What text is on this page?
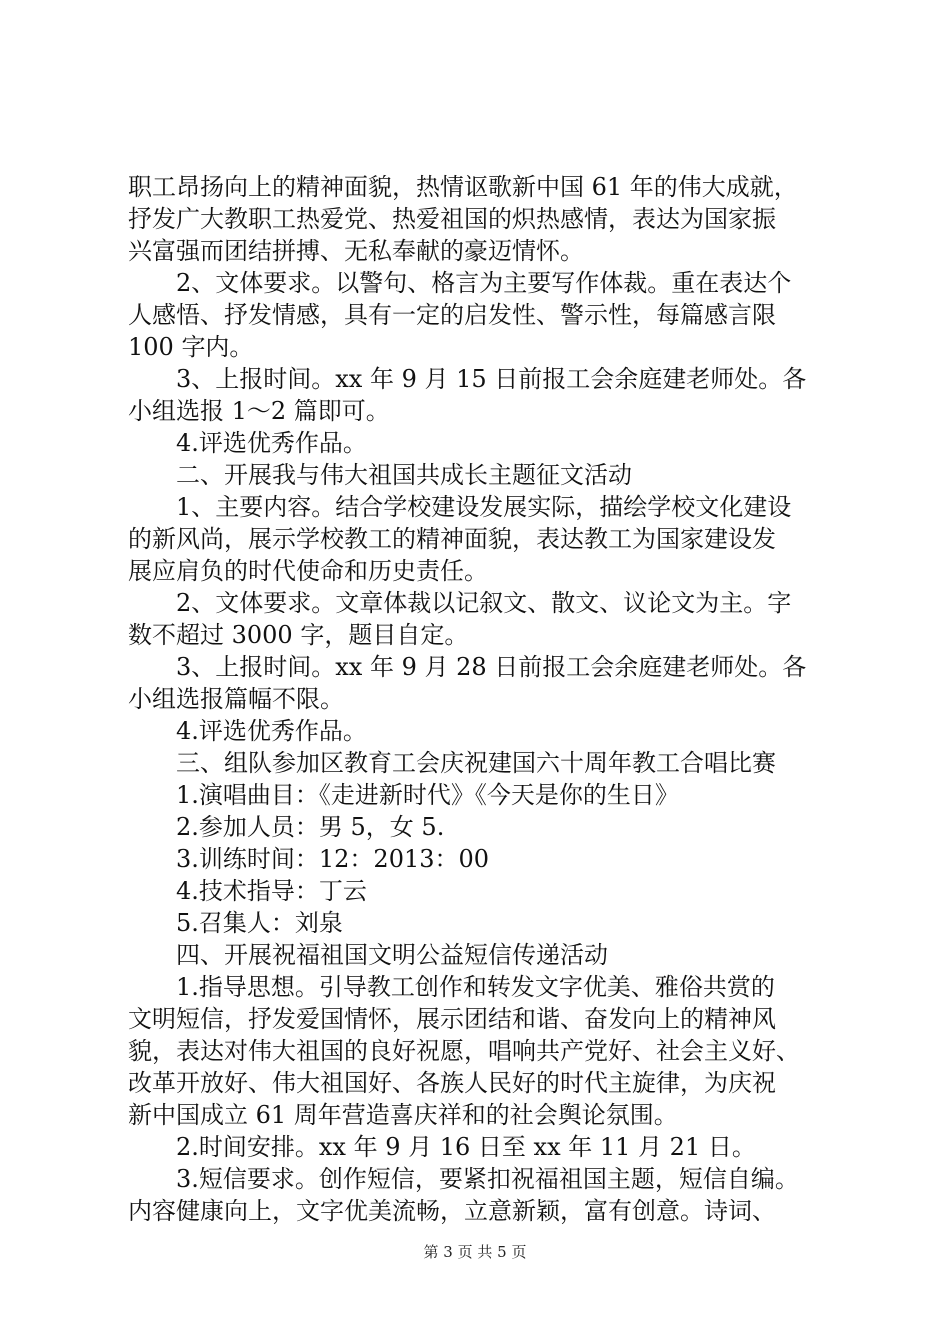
职工昂扬向上的精神面貌，热情讴歌新中国 61 年的伟大成就，
抒发广大教职工热爱党、热爱祖国的炽热感情，表达为国家振
兴富强而团结拼搏、无私奉献的豪迈情怀。
2、文体要求。以警句、格言为主要写作体裁。重在表达个
人感悟、抒发情感，具有一定的启发性、警示性，每篇感言限
100 字内。
3、上报时间。xx 年 9 月 15 日前报工会余庭建老师处。各
小组选报 1～2 篇即可。
4.评选优秀作品。
二、开展我与伟大祖国共成长主题征文活动
1、主要内容。结合学校建设发展实际，描绘学校文化建设
的新风尚，展示学校教工的精神面貌，表达教工为国家建设发
展应肩负的时代使命和历史责任。
2、文体要求。文章体裁以记叙文、散文、议论文为主。字
数不超过 3000 字，题目自定。
3、上报时间。xx 年 9 月 28 日前报工会余庭建老师处。各
小组选报篇幅不限。
4.评选优秀作品。
三、组队参加区教育工会庆祝建国六十周年教工合唱比赛
1.演唱曲目：《走进新时代》《今天是你的生日》
2.参加人员：男 5，女 5.
3.训练时间：12：2013：00
4.技术指导：丁云
5.召集人：刘泉
四、开展祝福祖国文明公益短信传递活动
1.指导思想。引导教工创作和转发文字优美、雅俗共赏的
文明短信，抒发爱国情怀，展示团结和谐、奋发向上的精神风
貌，表达对伟大祖国的良好祝愿，唱响共产党好、社会主义好、
改革开放好、伟大祖国好、各族人民好的时代主旋律，为庆祝
新中国成立 61 周年营造喜庆祥和的社会舆论氛围。
2.时间安排。xx 年 9 月 16 日至 xx 年 11 月 21 日。
3.短信要求。创作短信，要紧扣祝福祖国主题，短信自编。
内容健康向上，文字优美流畅，立意新颖，富有创意。诗词、
第 3 页 共 5 页
